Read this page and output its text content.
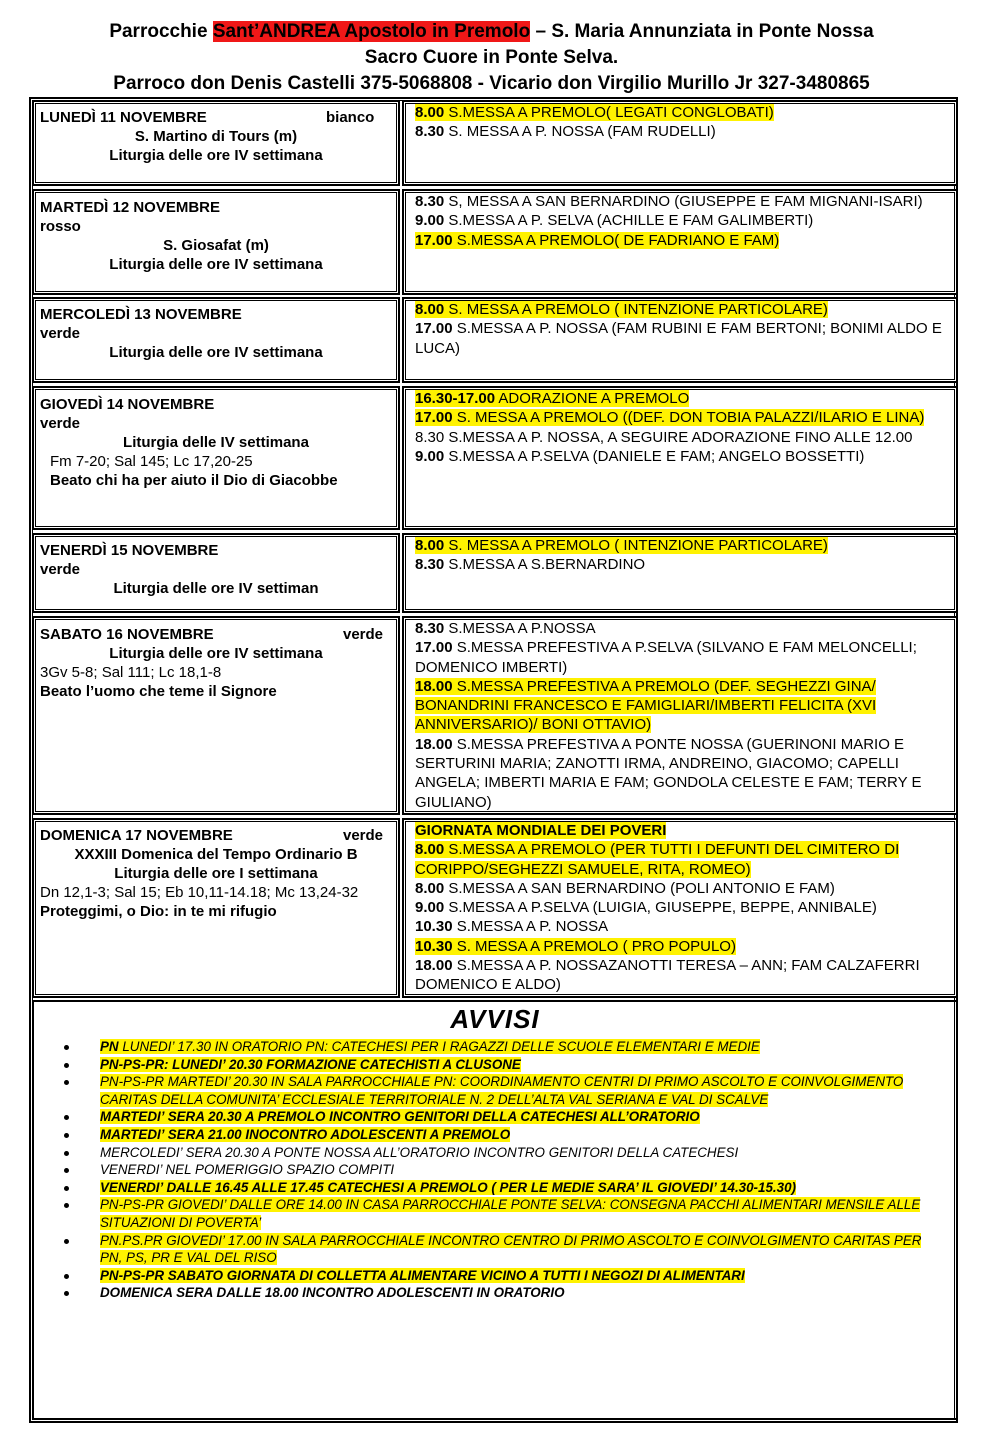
Parrocchie Sant’ANDREA Apostolo in Premolo – S. Maria Annunziata in Ponte Nossa
Sacro Cuore in Ponte Selva.
Parroco don Denis Castelli 375-5068808 - Vicario don Virgilio Murillo Jr 327-3480865
LUNEDÌ 11 NOVEMBRE	bianco
S. Martino di Tours (m)
Liturgia delle ore IV settimana
8.00 S.MESSA A PREMOLO( LEGATI CONGLOBATI)
8.30 S. MESSA A P. NOSSA (FAM RUDELLI)
MARTEDÌ 12 NOVEMBRE
rosso
S. Giosafat (m)
Liturgia delle ore IV settimana
8.30 S, MESSA A SAN BERNARDINO (GIUSEPPE E FAM MIGNANI-ISARI)
9.00 S.MESSA A P. SELVA (ACHILLE E FAM GALIMBERTI)
17.00 S.MESSA A PREMOLO( DE FADRIANO E FAM)
MERCOLEDÌ 13 NOVEMBRE
verde
Liturgia delle ore IV settimana
8.00 S. MESSA A PREMOLO ( INTENZIONE PARTICOLARE)
17.00 S.MESSA A P. NOSSA (FAM RUBINI E FAM BERTONI; BONIMI ALDO E LUCA)
GIOVEDÌ 14 NOVEMBRE
verde
Liturgia delle IV settimana
Fm 7-20; Sal 145; Lc 17,20-25
Beato chi ha per aiuto il Dio di Giacobbe
16.30-17.00 ADORAZIONE A PREMOLO
17.00 S. MESSA A PREMOLO ((DEF. DON TOBIA PALAZZI/ILARIO E LINA)
8.30 S.MESSA A P. NOSSA, A SEGUIRE ADORAZIONE FINO ALLE 12.00
9.00 S.MESSA A P.SELVA (DANIELE E FAM; ANGELO BOSSETTI)
VENERDÌ 15 NOVEMBRE
verde
Liturgia delle ore IV settiman
8.00 S. MESSA A PREMOLO ( INTENZIONE PARTICOLARE)
8.30 S.MESSA A S.BERNARDINO
SABATO 16 NOVEMBRE	verde
Liturgia delle ore IV settimana
3Gv 5-8; Sal 111; Lc 18,1-8
Beato l’uomo che teme il Signore
8.30 S.MESSA A P.NOSSA
17.00 S.MESSA PREFESTIVA A P.SELVA (SILVANO E FAM MELONCELLI; DOMENICO IMBERTI)
18.00 S.MESSA PREFESTIVA A PREMOLO (DEF. SEGHEZZI GINA/ BONANDRINI FRANCESCO E FAMIGLIARI/IMBERTI FELICITA (XVI ANNIVERSARIO)/ BONI OTTAVIO)
18.00 S.MESSA PREFESTIVA A PONTE NOSSA (GUERINONI MARIO E SERTURINI MARIA; ZANOTTI IRMA, ANDREINO, GIACOMO; CAPELLI ANGELA; IMBERTI MARIA E FAM; GONDOLA CELESTE E FAM; TERRY E GIULIANO)
DOMENICA 17 NOVEMBRE	verde
XXXIII Domenica del Tempo Ordinario B
Liturgia delle ore I settimana
Dn 12,1-3; Sal 15; Eb 10,11-14.18; Mc 13,24-32
Proteggimi, o Dio: in te mi rifugio
GIORNATA MONDIALE DEI POVERI
8.00 S.MESSA A PREMOLO (PER TUTTI I DEFUNTI DEL CIMITERO DI CORIPPO/SEGHEZZI SAMUELE, RITA, ROMEO)
8.00 S.MESSA A SAN BERNARDINO (POLI ANTONIO E FAM)
9.00 S.MESSA A P.SELVA (LUIGIA, GIUSEPPE, BEPPE, ANNIBALE)
10.30 S.MESSA A P. NOSSA
10.30 S. MESSA A PREMOLO ( PRO POPULO)
18.00 S.MESSA A P. NOSSAZANOTTI TERESA – ANN; FAM CALZAFERRI DOMENICO E ALDO)
AVVISI
PN LUNEDI’ 17.30 IN ORATORIO PN: CATECHESI PER I RAGAZZI DELLE SCUOLE ELEMENTARI E MEDIE
PN-PS-PR: LUNEDI’ 20.30 FORMAZIONE CATECHISTI A CLUSONE
PN-PS-PR MARTEDI’ 20.30 IN SALA PARROCCHIALE PN: COORDINAMENTO CENTRI DI PRIMO ASCOLTO E COINVOLGIMENTO CARITAS DELLA COMUNITA’ ECCLESIALE TERRITORIALE N. 2 DELL’ALTA VAL SERIANA E VAL DI SCALVE
MARTEDI’ SERA 20.30 A PREMOLO INCONTRO GENITORI DELLA CATECHESI ALL’ORATORIO
MARTEDI’ SERA 21.00 INOCONTRO ADOLESCENTI A PREMOLO
MERCOLEDI’ SERA 20.30 A PONTE NOSSA ALL’ORATORIO INCONTRO GENITORI DELLA CATECHESI
VENERDI’ NEL POMERIGGIO SPAZIO COMPITI
VENERDI’ DALLE 16.45 ALLE 17.45 CATECHESI A PREMOLO ( PER LE MEDIE SARA’ IL GIOVEDI’ 14.30-15.30)
PN-PS-PR GIOVEDI’ DALLE ORE 14.00 IN CASA PARROCCHIALE PONTE SELVA: CONSEGNA PACCHI ALIMENTARI MENSILE ALLE SITUAZIONI DI POVERTA’
PN.PS.PR GIOVEDI’ 17.00 IN SALA PARROCCHIALE INCONTRO CENTRO DI PRIMO ASCOLTO E COINVOLGIMENTO CARITAS PER PN, PS, PR E VAL DEL RISO
PN-PS-PR SABATO GIORNATA DI COLLETTA ALIMENTARE VICINO A TUTTI I NEGOZI DI ALIMENTARI
DOMENICA SERA DALLE 18.00 INCONTRO ADOLESCENTI IN ORATORIO
